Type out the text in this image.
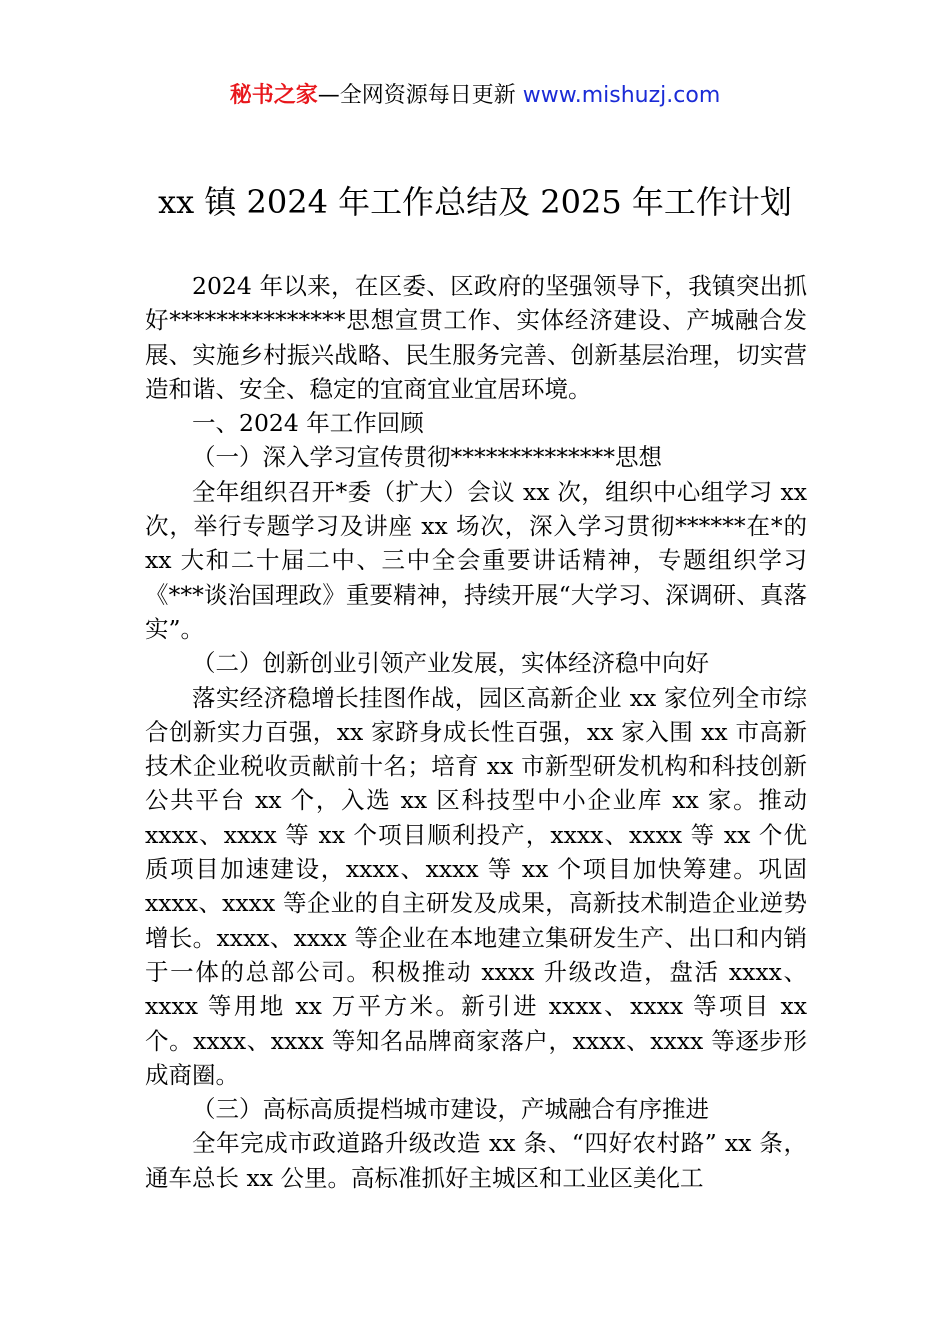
秘书之家—全网资源每日更新 www.mishuzj.com
xx 镇 2024 年工作总结及 2025 年工作计划

2024 年以来，在区委、区政府的坚强领导下，我镇突出抓好***************思想宣贯工作、实体经济建设、产城融合发展、实施乡村振兴战略、民生服务完善、创新基层治理，切实营造和谐、安全、稳定的宜商宜业宜居环境。

一、2024 年工作回顾

（一）深入学习宣传贯彻**************思想

全年组织召开*委（扩大）会议 xx 次，组织中心组学习 xx 次，举行专题学习及讲座 xx 场次，深入学习贯彻******在*的 xx 大和二十届二中、三中全会重要讲话精神，专题组织学习《***谈治国理政》重要精神，持续开展“大学习、深调研、真落实”。

（二）创新创业引领产业发展，实体经济稳中向好

落实经济稳增长挂图作战，园区高新企业 xx 家位列全市综合创新实力百强，xx 家跻身成长性百强，xx 家入围 xx 市高新技术企业税收贡献前十名；培育 xx 市新型研发机构和科技创新公共平台 xx 个，入选 xx 区科技型中小企业库 xx 家。推动 xxxx、xxxx 等 xx 个项目顺利投产，xxxx、xxxx 等 xx 个优质项目加速建设，xxxx、xxxx 等 xx 个项目加快筹建。巩固 xxxx、xxxx 等企业的自主研发及成果，高新技术制造企业逆势增长。xxxx、xxxx 等企业在本地建立集研发生产、出口和内销于一体的总部公司。积极推动 xxxx 升级改造，盘活 xxxx、xxxx 等用地 xx 万平方米。新引进 xxxx、xxxx 等项目 xx 个。xxxx、xxxx 等知名品牌商家落户，xxxx、xxxx 等逐步形成商圈。

（三）高标高质提档城市建设，产城融合有序推进

全年完成市政道路升级改造 xx 条、“四好农村路” xx 条，通车总长 xx 公里。高标准抓好主城区和工业区美化工
